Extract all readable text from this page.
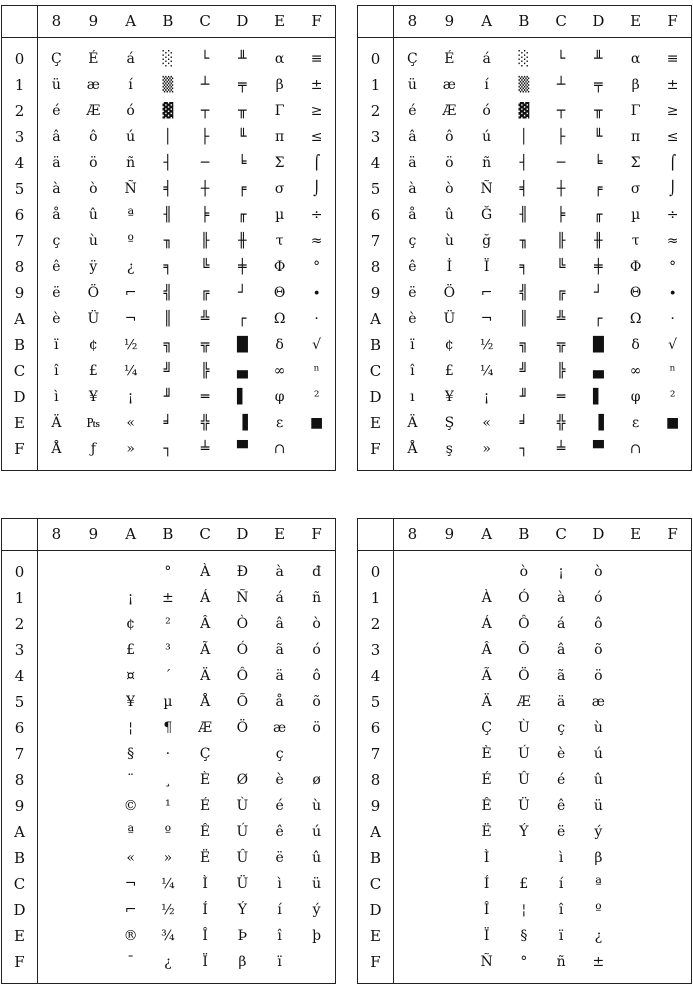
	8	9	A	B	C	D	E	F

0	Ç	É	á	░	└	╨	α	≡
1	ü	æ	í	▒	┴	╤	β	±
2	é	Æ	ó	▓	┬	╥	Γ	≥
3	â	ô	ú	│	├	╙	π	≤
4	ä	ö	ñ	┤	─	╘	Σ	⌠
5	à	ò	Ñ	╡	┼	╒	σ	⌡
6	å	û	ª	╢	╞	╓	µ	÷
7	ç	ù	º	╖	╟	╫	τ	≈
8	ê	ÿ	¿	╕	╚	╪	Φ	°
9	ë	Ö	⌐	╣	╔	┘	Θ	∙
A	è	Ü	¬	║	╩	┌	Ω	·
B	ï	¢	½	╗	╦	█	δ	√
C	î	£	¼	╝	╠	▄	∞	ⁿ
D	ì	¥	¡	╜	═	▌	φ	²
E	Ä	₧	«	╛	╬	▐	ε	■
F	Å	ƒ	»	┐	╧	▀	∩	

	8	9	A	B	C	D	E	F

0	Ç	É	á	░	└	╨	α	≡
1	ü	æ	í	▒	┴	╤	β	±
2	é	Æ	ó	▓	┬	╥	Γ	≥
3	â	ô	ú	│	├	╙	π	≤
4	ä	ö	ñ	┤	─	╘	Σ	⌠
5	à	ò	Ñ	╡	┼	╒	σ	⌡
6	å	û	Ğ	╢	╞	╓	µ	÷
7	ç	ù	ğ	╖	╟	╫	τ	≈
8	ê	İ	Ï	╕	╚	╪	Φ	°
9	ë	Ö	⌐	╣	╔	┘	Θ	∙
A	è	Ü	¬	║	╩	┌	Ω	·
B	ï	¢	½	╗	╦	█	δ	√
C	î	£	¼	╝	╠	▄	∞	ⁿ
D	ı	¥	¡	╜	═	▌	φ	²
E	Ä	Ş	«	╛	╬	▐	ε	■
F	Å	ş	»	┐	╧	▀	∩	

	8	9	A	B	C	D	E	F

0				°	À	Ð	à	đ
1			¡	±	Á	Ñ	á	ñ
2			¢	²	Â	Ò	â	ò
3			£	³	Ã	Ó	ã	ó
4			¤	´	Ä	Ô	ä	ô
5			¥	µ	Å	Õ	å	õ
6			¦	¶	Æ	Ö	æ	ö
7			§	·	Ç		ç	
8			¨	¸	È	Ø	è	ø
9			©	¹	É	Ù	é	ù
A			ª	º	Ê	Ú	ê	ú
B			«	»	Ë	Û	ë	û
C			¬	¼	Ì	Ü	ì	ü
D			⌐	½	Í	Ý	í	ý
E			®	¾	Î	Þ	î	þ
F			¯	¿	Ï	β	ï	

	8	9	A	B	C	D	E	F

0				ò	¡	ò		
1			À	Ó	à	ó		
2			Á	Ô	á	ô		
3			Â	Õ	â	õ		
4			Ã	Ö	ã	ö		
5			Ä	Æ	ä	æ		
6			Ç	Ù	ç	ù		
7			È	Ú	è	ú		
8			É	Û	é	û		
9			Ê	Ü	ê	ü		
A			Ë	Ý	ë	ý		
B			Ì		ì	β		
C			Í	£	í	ª		
D			Î	¦	î	º		
E			Ï	§	ï	¿		
F			Ñ	°	ñ	±		
